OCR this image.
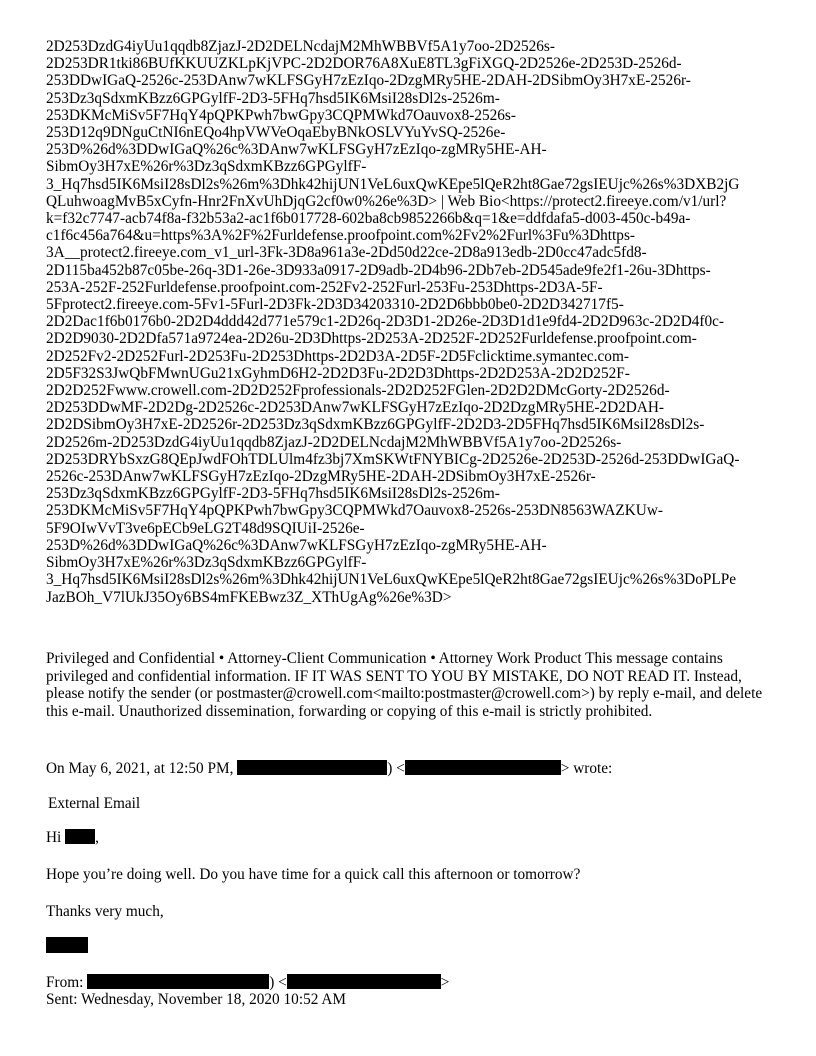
2D253DzdG4iyUu1qqdb8ZjazJ-2D2DELNcdajM2MhWBBVf5A1y7oo-2D2526s-
2D253DR1tki86BUfKKUUZKLpKjVPC-2D2DOR76A8XuE8TL3gFiXGQ-2D2526e-2D253D-2526d-
253DDwIGaQ-2526c-253DAnw7wKLFSGyH7zEzIqo-2DzgMRy5HE-2DAH-2DSibmOy3H7xE-2526r-
253Dz3qSdxmKBzz6GPGylfF-2D3-5FHq7hsd5IK6MsiI28sDl2s-2526m-
253DKMcMiSv5F7HqY4pQPKPwh7bwGpy3CQPMWkd7Oauvox8-2526s-
253D12q9DNguCtNI6nEQo4hpVWVeOqaEbyBNkOSLVYuYvSQ-2526e-
253D%26d%3DDwIGaQ%26c%3DAnw7wKLFSGyH7zEzIqo-zgMRy5HE-AH-
SibmOy3H7xE%26r%3Dz3qSdxmKBzz6GPGylfF-
3_Hq7hsd5IK6MsiI28sDl2s%26m%3Dhk42hijUN1VeL6uxQwKEpe5lQeR2ht8Gae72gsIEUjc%26s%3DXB2jG
QLuhwoagMvB5xCyfn-Hnr2FnXvUhDjqG2cf0w0%26e%3D> | Web Bio<https://protect2.fireeye.com/v1/url?
k=f32c7747-acb74f8a-f32b53a2-ac1f6b017728-602ba8cb9852266b&q=1&e=ddfdafa5-d003-450c-b49a-
c1f6c456a764&u=https%3A%2F%2Furldefense.proofpoint.com%2Fv2%2Furl%3Fu%3Dhttps-
3A__protect2.fireeye.com_v1_url-3Fk-3D8a961a3e-2Dd50d22ce-2D8a913edb-2D0cc47adc5fd8-
2D115ba452b87c05be-26q-3D1-26e-3D933a0917-2D9adb-2D4b96-2Db7eb-2D545ade9fe2f1-26u-3Dhttps-
253A-252F-252Furldefense.proofpoint.com-252Fv2-252Furl-253Fu-253Dhttps-2D3A-5F-
5Fprotect2.fireeye.com-5Fv1-5Furl-2D3Fk-2D3D34203310-2D2D6bbb0be0-2D2D342717f5-
2D2Dac1f6b0176b0-2D2D4ddd42d771e579c1-2D26q-2D3D1-2D26e-2D3D1d1e9fd4-2D2D963c-2D2D4f0c-
2D2D9030-2D2Dfa571a9724ea-2D26u-2D3Dhttps-2D253A-2D252F-2D252Furldefense.proofpoint.com-
2D252Fv2-2D252Furl-2D253Fu-2D253Dhttps-2D2D3A-2D5F-2D5Fclicktime.symantec.com-
2D5F32S3JwQbFMwnUGu21xGyhmD6H2-2D2D3Fu-2D2D3Dhttps-2D2D253A-2D2D252F-
2D2D252Fwww.crowell.com-2D2D252Fprofessionals-2D2D252FGlen-2D2D2DMcGorty-2D2526d-
2D253DDwMF-2D2Dg-2D2526c-2D253DAnw7wKLFSGyH7zEzIqo-2D2DzgMRy5HE-2D2DAH-
2D2DSibmOy3H7xE-2D2526r-2D253Dz3qSdxmKBzz6GPGylfF-2D2D3-2D5FHq7hsd5IK6MsiI28sDl2s-
2D2526m-2D253DzdG4iyUu1qqdb8ZjazJ-2D2DELNcdajM2MhWBBVf5A1y7oo-2D2526s-
2D253DRYbSxzG8QEpJwdFOhTDLUlm4fz3bj7XmSKWtFNYBICg-2D2526e-2D253D-2526d-253DDwIGaQ-
2526c-253DAnw7wKLFSGyH7zEzIqo-2DzgMRy5HE-2DAH-2DSibmOy3H7xE-2526r-
253Dz3qSdxmKBzz6GPGylfF-2D3-5FHq7hsd5IK6MsiI28sDl2s-2526m-
253DKMcMiSv5F7HqY4pQPKPwh7bwGpy3CQPMWkd7Oauvox8-2526s-253DN8563WAZKUw-
5F9OIwVvT3ve6pECb9eLG2T48d9SQIUiI-2526e-
253D%26d%3DDwIGaQ%26c%3DAnw7wKLFSGyH7zEzIqo-zgMRy5HE-AH-
SibmOy3H7xE%26r%3Dz3qSdxmKBzz6GPGylfF-
3_Hq7hsd5IK6MsiI28sDl2s%26m%3Dhk42hijUN1VeL6uxQwKEpe5lQeR2ht8Gae72gsIEUjc%26s%3DoPLPe
JazBOh_V7lUkJ35Oy6BS4mFKEBwz3Z_XThUgAg%26e%3D>
Privileged and Confidential • Attorney-Client Communication • Attorney Work Product This message contains privileged and confidential information. IF IT WAS SENT TO YOU BY MISTAKE, DO NOT READ IT. Instead, please notify the sender (or postmaster@crowell.com<mailto:postmaster@crowell.com>) by reply e-mail, and delete this e-mail. Unauthorized dissemination, forwarding or copying of this e-mail is strictly prohibited.
On May 6, 2021, at 12:50 PM,	) <	> wrote:
External Email
Hi ,
Hope you’re doing well. Do you have time for a quick call this afternoon or tomorrow?
Thanks very much,
From:	) <	>
Sent: Wednesday, November 18, 2020 10:52 AM
